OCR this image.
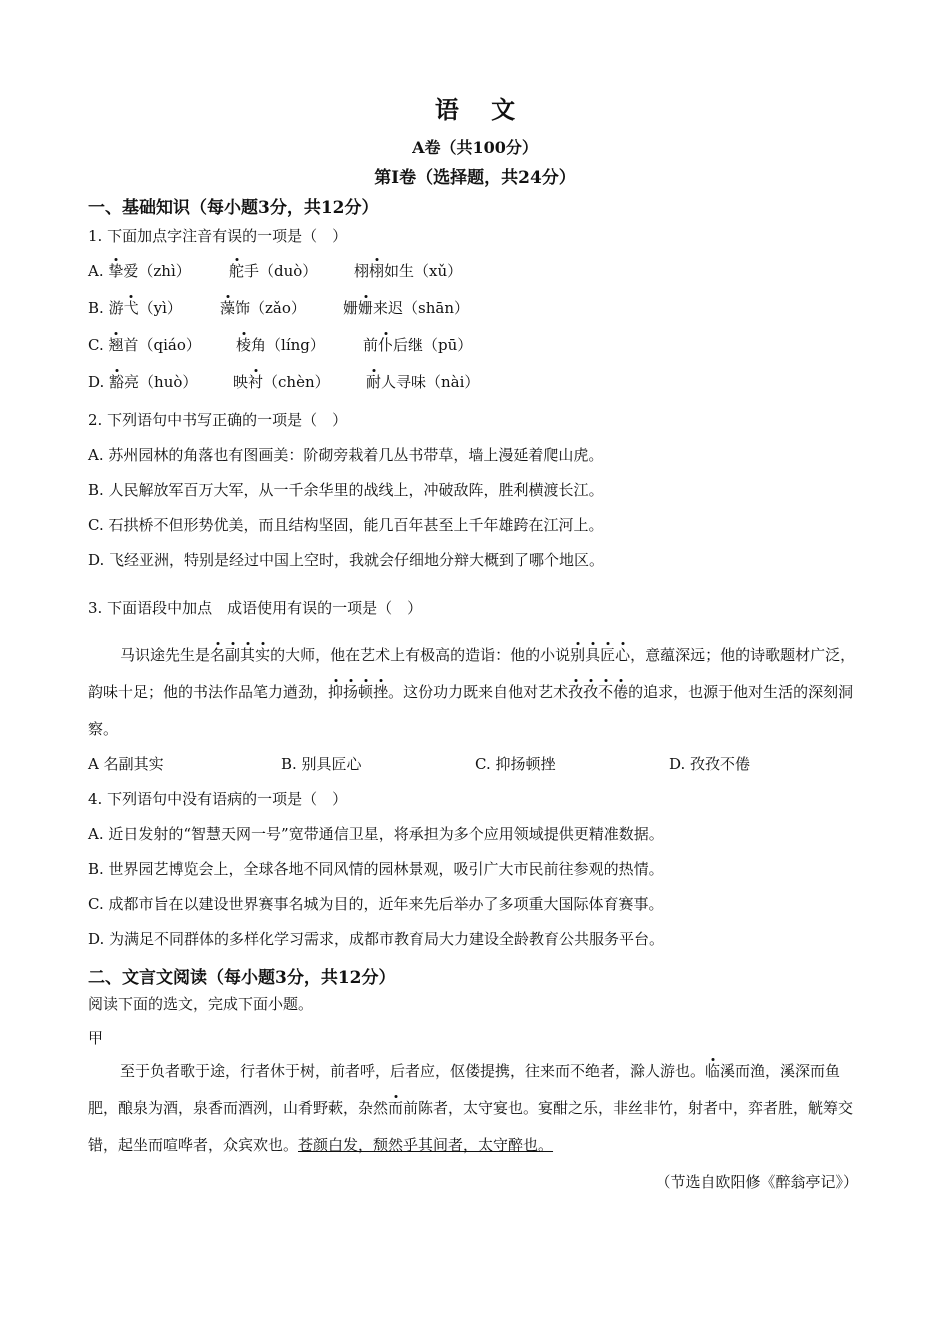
语 文
A卷（共100分）
第Ⅰ卷（选择题，共24分）
一、基础知识（每小题3分，共12分）
1. 下面加点字注音有误的一项是（　）
A. 挚爱（zhì）	舵手（duò） 栩栩如生（xǔ）
B. 游弋（yì）	藻饰（zǎo） 姗姗来迟（shān）
C. 翘首（qiáo） 棱角（líng）	前仆后继（pū）
D. 豁亮（huò） 映衬（chèn） 耐人寻味（nài）
2. 下列语句中书写正确的一项是（　）
A. 苏州园林的角落也有图画美：阶砌旁栽着几丛书带草，墙上漫延着爬山虎。
B. 人民解放军百万大军，从一千余华里的战线上，冲破敌阵，胜利横渡长江。
C. 石拱桥不但形势优美，而且结构坚固，能几百年甚至上千年雄跨在江河上。
D. 飞经亚洲，特别是经过中国上空时，我就会仔细地分辩大概到了哪个地区。
3. 下面语段中加点　成语使用有误的一项是（　）
马识途先生是名副其实的大师，他在艺术上有极高的造诣：他的小说别具匠心，意蕴深远；他的诗歌题材广泛，韵味十足；他的书法作品笔力遒劲，抑扬顿挫。这份功力既来自他对艺术孜孜不倦的追求，也源于他对生活的深刻洞察。
A 名副其实	B. 别具匠心	C. 抑扬顿挫	D. 孜孜不倦
4. 下列语句中没有语病的一项是（　）
A. 近日发射的“智慧天网一号”宽带通信卫星，将承担为多个应用领域提供更精准数据。
B. 世界园艺博览会上，全球各地不同风情的园林景观，吸引广大市民前往参观的热情。
C. 成都市旨在以建设世界赛事名城为目的，近年来先后举办了多项重大国际体育赛事。
D. 为满足不同群体的多样化学习需求，成都市教育局大力建设全龄教育公共服务平台。
二、文言文阅读（每小题3分，共12分）
阅读下面的选文，完成下面小题。
甲
至于负者歌于途，行者休于树，前者呼，后者应，伛偻提携，往来而不绝者，滁人游也。临溪而渔，溪深而鱼肥，酿泉为酒，泉香而酒洌，山肴野蔌，杂然而前陈者，太守宴也。宴酣之乐，非丝非竹，射者中，弈者胜，觥筹交错，起坐而喧哗者，众宾欢也。苍颜白发，颓然乎其间者，太守醉也。
（节选自欧阳修《醉翁亭记》）
